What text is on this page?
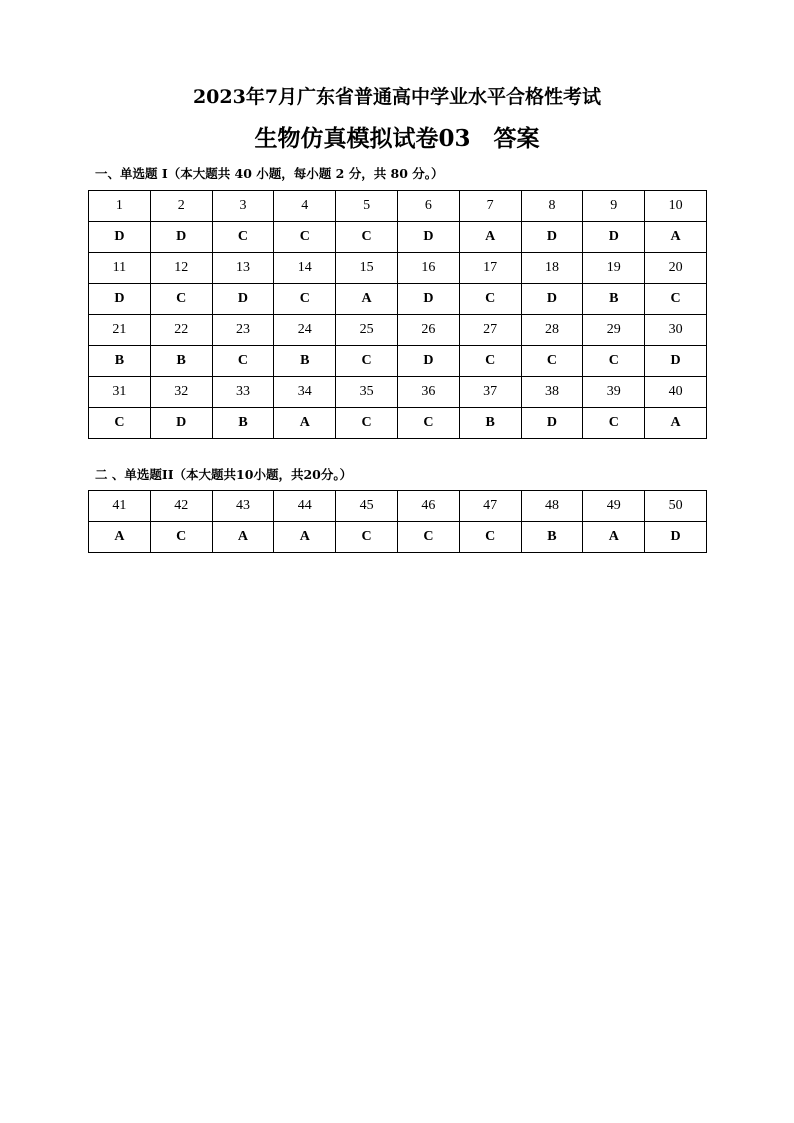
2023年7月广东省普通高中学业水平合格性考试
生物仿真模拟试卷03　答案
一、单选题 I（本大题共 40 小题，每小题 2 分，共 80 分。）
1	2	3	4	5	6	7	8	9	10
D	D	C	C	C	D	A	D	D	A
11	12	13	14	15	16	17	18	19	20
D	C	D	C	A	D	C	D	B	C
21	22	23	24	25	26	27	28	29	30
B	B	C	B	C	D	C	C	C	D
31	32	33	34	35	36	37	38	39	40
C	D	B	A	C	C	B	D	C	A
二 、单选题II（本大题共10小题，共20分。）
41	42	43	44	45	46	47	48	49	50
A	C	A	A	C	C	C	B	A	D
